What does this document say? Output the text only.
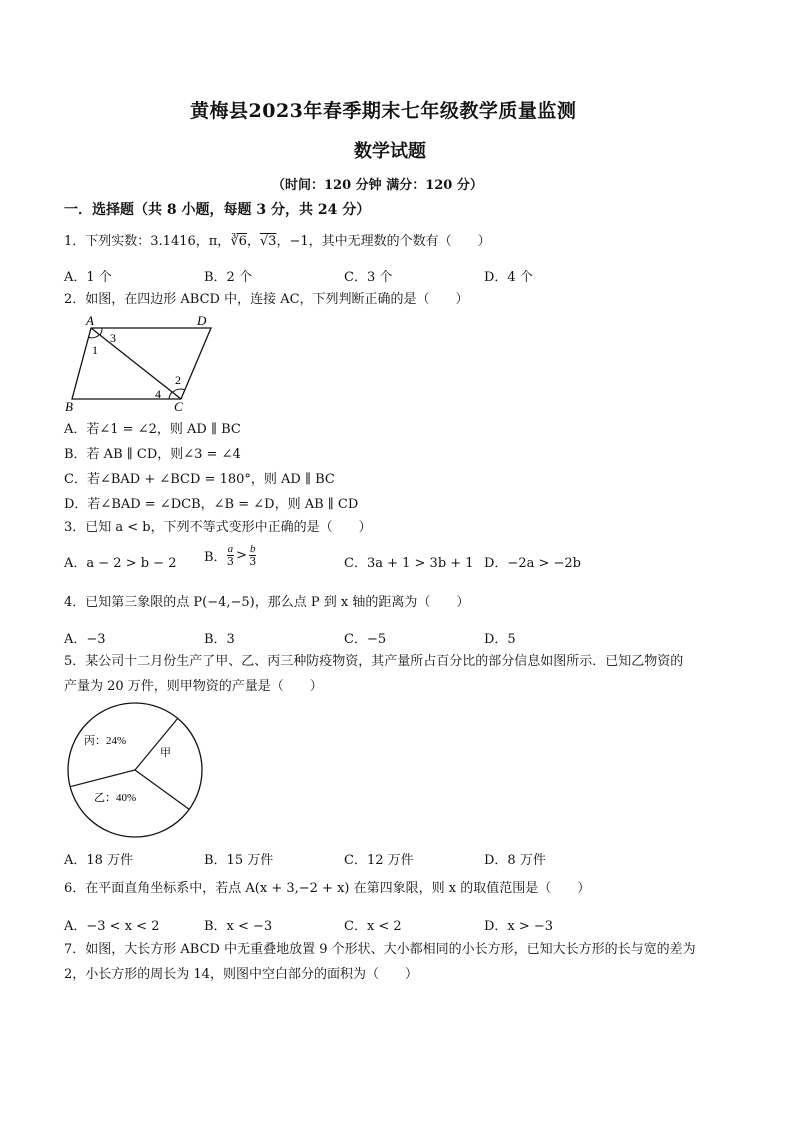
黄梅县2023年春季期末七年级教学质量监测
数学试题
（时间：120 分钟 满分：120 分）
一．选择题（共 8 小题，每题 3 分，共 24 分）
1．下列实数：3.1416，π，∛6，√3，−1，其中无理数的个数有（　　）
A．1 个	B．2 个	C．3 个	D．4 个
2．如图，在四边形 ABCD 中，连接 AC，下列判断正确的是（　　）
A	D
B	C
1
2
3
4
A．若∠1 = ∠2，则 AD ∥ BC
B．若 AB ∥ CD，则∠3 = ∠4
C．若∠BAD + ∠BCD = 180°，则 AD ∥ BC
D．若∠BAD = ∠DCB，∠B = ∠D，则 AB ∥ CD
3．已知 a < b，下列不等式变形中正确的是（　　）
A．a − 2 > b − 2 B． $\frac{a}{3} > \frac{b}{3}$	C．3a + 1 > 3b + 1 D．−2a > −2b
4．已知第三象限的点 P(−4,−5)，那么点 P 到 x 轴的距离为（　　）
A．−3	B．3	C．−5	D．5
5．某公司十二月份生产了甲、乙、丙三种防疫物资，其产量所占百分比的部分信息如图所示．已知乙物资的
产量为 20 万件，则甲物资的产量是（　　）
丙：24%
甲
乙：40%
A．18 万件	B．15 万件	C．12 万件	D．8 万件
6．在平面直角坐标系中，若点 A(x + 3,−2 + x) 在第四象限，则 x 的取值范围是（　　）
A．−3 < x < 2	B．x < −3	C．x < 2	D．x > −3
7．如图，大长方形 ABCD 中无重叠地放置 9 个形状、大小都相同的小长方形，已知大长方形的长与宽的差为
2，小长方形的周长为 14，则图中空白部分的面积为（　　）
